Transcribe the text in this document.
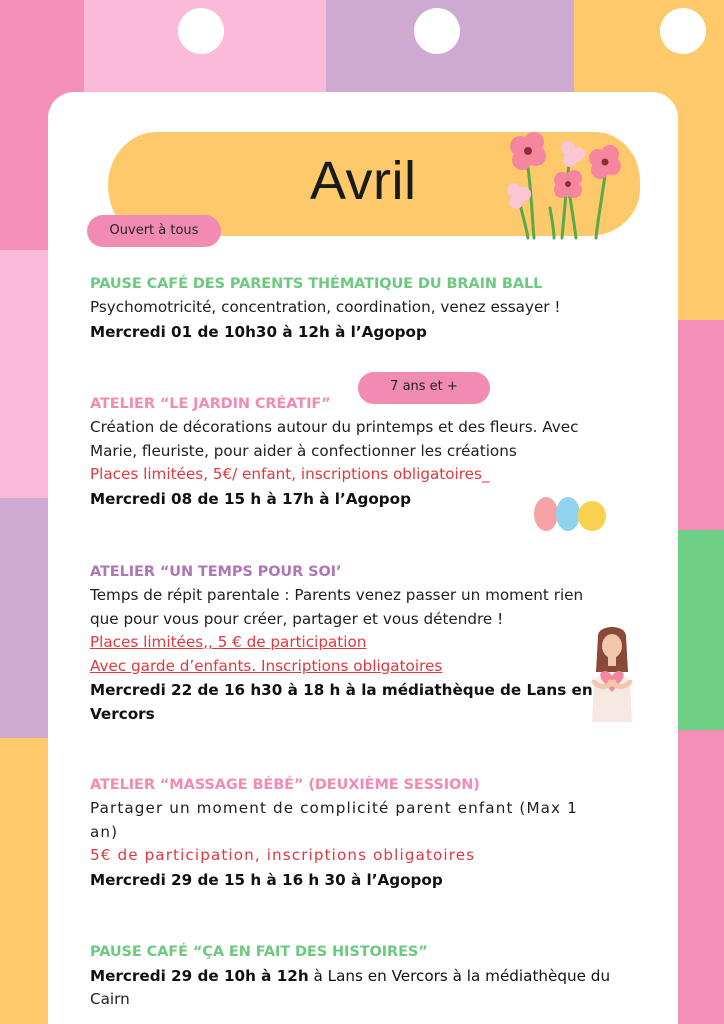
Avril
Ouvert à tous
PAUSE CAFÉ DES PARENTS THÉMATIQUE DU BRAIN BALL
Psychomotricité, concentration, coordination, venez essayer !
Mercredi 01 de 10h30 à 12h à l’Agopop
7 ans et +
ATELIER “LE JARDIN CRÉATIF”
Création de décorations autour du printemps et des fleurs. Avec
Marie, fleuriste, pour aider à confectionner les créations
Places limitées, 5€/ enfant, inscriptions obligatoires_
Mercredi 08 de 15 h à 17h à l’Agopop
ATELIER “UN TEMPS POUR SOI’
Temps de répit parentale : Parents venez passer un moment rien
que pour vous pour créer, partager et vous détendre !
Places limitées,, 5 € de participation
Avec garde d’enfants. Inscriptions obligatoires
Mercredi 22 de 16 h30 à 18 h à la médiathèque de Lans en
Vercors
ATELIER “MASSAGE BÉBÉ” (DEUXIÈME SESSION)
Partager un moment de complicité parent enfant (Max 1
an)
5€ de participation, inscriptions obligatoires
Mercredi 29 de 15 h à 16 h 30 à l’Agopop
PAUSE CAFÉ “ÇA EN FAIT DES HISTOIRES”
Mercredi 29 de 10h à 12h à Lans en Vercors à la médiathèque du
Cairn
